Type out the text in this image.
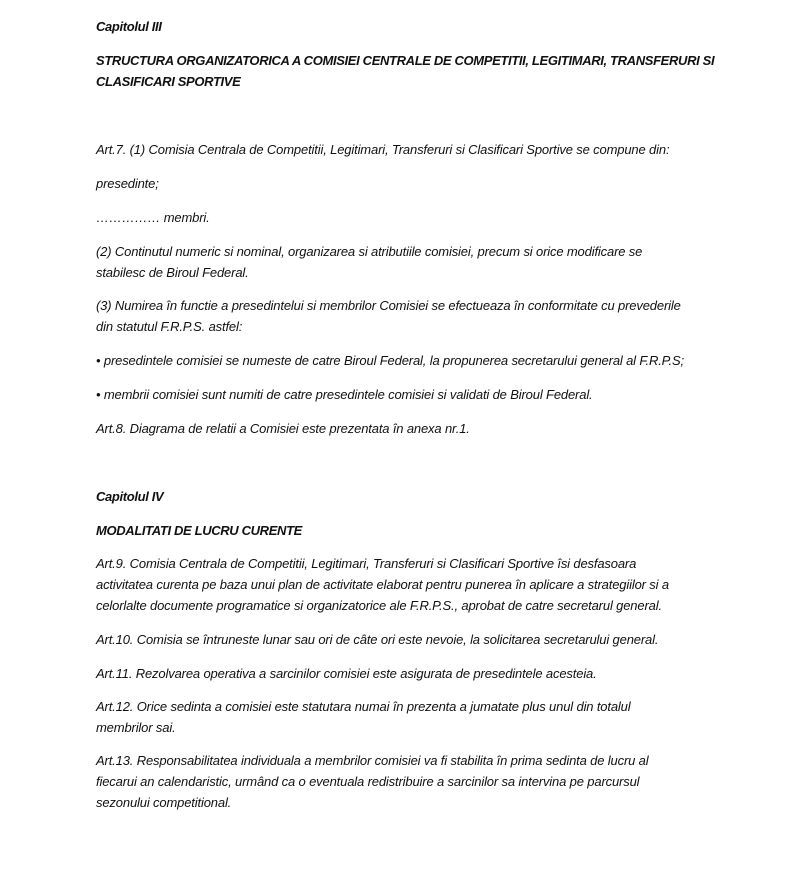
Capitolul III

STRUCTURA ORGANIZATORICA A COMISIEI CENTRALE DE COMPETITII, LEGITIMARI, TRANSFERURI SI
CLASIFICARI SPORTIVE

Art.7. (1) Comisia Centrala de Competitii, Legitimari, Transferuri si Clasificari Sportive se compune din:

presedinte;

…………… membri.

(2) Continutul numeric si nominal, organizarea si atributiile comisiei, precum si orice modificare se
stabilesc de Biroul Federal.

(3) Numirea în functie a presedintelui si membrilor Comisiei se efectueaza în conformitate cu prevederile
din statutul F.R.P.S. astfel:

• presedintele comisiei se numeste de catre Biroul Federal, la propunerea secretarului general al F.R.P.S;

• membrii comisiei sunt numiti de catre presedintele comisiei si validati de Biroul Federal.

Art.8. Diagrama de relatii a Comisiei este prezentata în anexa nr.1.

Capitolul IV

MODALITATI DE LUCRU CURENTE

Art.9. Comisia Centrala de Competitii, Legitimari, Transferuri si Clasificari Sportive îsi desfasoara
activitatea curenta pe baza unui plan de activitate elaborat pentru punerea în aplicare a strategiilor si a
celorlalte documente programatice si organizatorice ale F.R.P.S., aprobat de catre secretarul general.

Art.10. Comisia se întruneste lunar sau ori de câte ori este nevoie, la solicitarea secretarului general.

Art.11. Rezolvarea operativa a sarcinilor comisiei este asigurata de presedintele acesteia.

Art.12. Orice sedinta a comisiei este statutara numai în prezenta a jumatate plus unul din totalul
membrilor sai.

Art.13. Responsabilitatea individuala a membrilor comisiei va fi stabilita în prima sedinta de lucru al
fiecarui an calendaristic, urmând ca o eventuala redistribuire a sarcinilor sa intervina pe parcursul
sezonului competitional.
